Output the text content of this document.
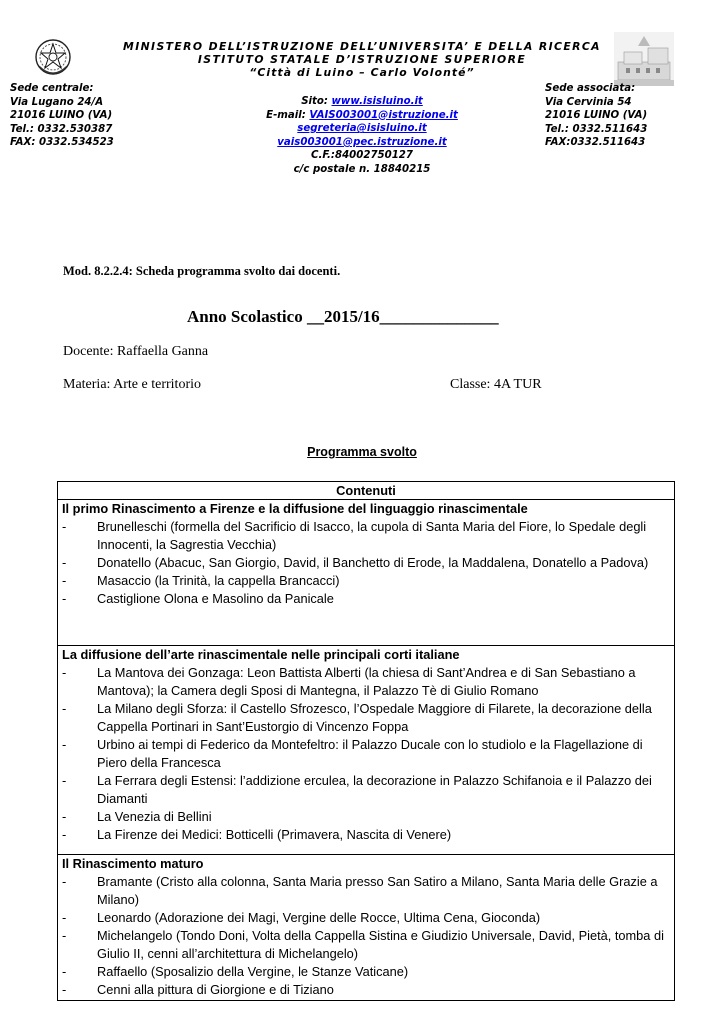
MINISTERO DELL’ISTRUZIONE DELL’UNIVERSITA’ E DELLA RICERCA
ISTITUTO STATALE D’ISTRUZIONE SUPERIORE
“Città di Luino – Carlo Volonté”
Sede centrale:
Via Lugano 24/A
21016 LUINO (VA)
Tel.: 0332.530387
FAX: 0332.534523
Sito: www.isisluino.it
E-mail: VAIS003001@istruzione.it
segreteria@isisluino.it
vais003001@pec.istruzione.it
C.F.:84002750127
c/c postale n. 18840215
Sede associata:
Via Cervinia 54
21016 LUINO (VA)
Tel.: 0332.511643
FAX:0332.511643
Mod. 8.2.2.4: Scheda programma svolto dai docenti.
Anno Scolastico __2015/16______________
Docente: Raffaella Ganna
Materia: Arte e territorio	Classe: 4A TUR
Programma svolto
Contenuti
Il primo Rinascimento a Firenze e la diffusione del linguaggio rinascimentale
- Brunelleschi (formella del Sacrificio di Isacco, la cupola di Santa Maria del Fiore, lo Spedale degli Innocenti, la Sagrestia Vecchia)
- Donatello (Abacuc, San Giorgio, David, il Banchetto di Erode, la Maddalena, Donatello a Padova)
- Masaccio (la Trinità, la cappella Brancacci)
- Castiglione Olona e Masolino da Panicale
La diffusione dell’arte rinascimentale nelle principali corti italiane
- La Mantova dei Gonzaga: Leon Battista Alberti (la chiesa di Sant’Andrea e di San Sebastiano a Mantova); la Camera degli Sposi di Mantegna, il Palazzo Tè di Giulio Romano
- La Milano degli Sforza: il Castello Sfrozesco, l’Ospedale Maggiore di Filarete, la decorazione della Cappella Portinari in Sant’Eustorgio di Vincenzo Foppa
- Urbino ai tempi di Federico da Montefeltro: il Palazzo Ducale con lo studiolo e la Flagellazione di Piero della Francesca
- La Ferrara degli Estensi: l’addizione erculea, la decorazione in Palazzo Schifanoia e il Palazzo dei Diamanti
- La Venezia di Bellini
- La Firenze dei Medici: Botticelli (Primavera, Nascita di Venere)
Il Rinascimento maturo
- Bramante (Cristo alla colonna, Santa Maria presso San Satiro a Milano, Santa Maria delle Grazie a Milano)
- Leonardo (Adorazione dei Magi, Vergine delle Rocce, Ultima Cena, Gioconda)
- Michelangelo (Tondo Doni, Volta della Cappella Sistina e Giudizio Universale, David, Pietà, tomba di Giulio II, cenni all’architettura di Michelangelo)
- Raffaello (Sposalizio della Vergine, le Stanze Vaticane)
- Cenni alla pittura di Giorgione e di Tiziano
